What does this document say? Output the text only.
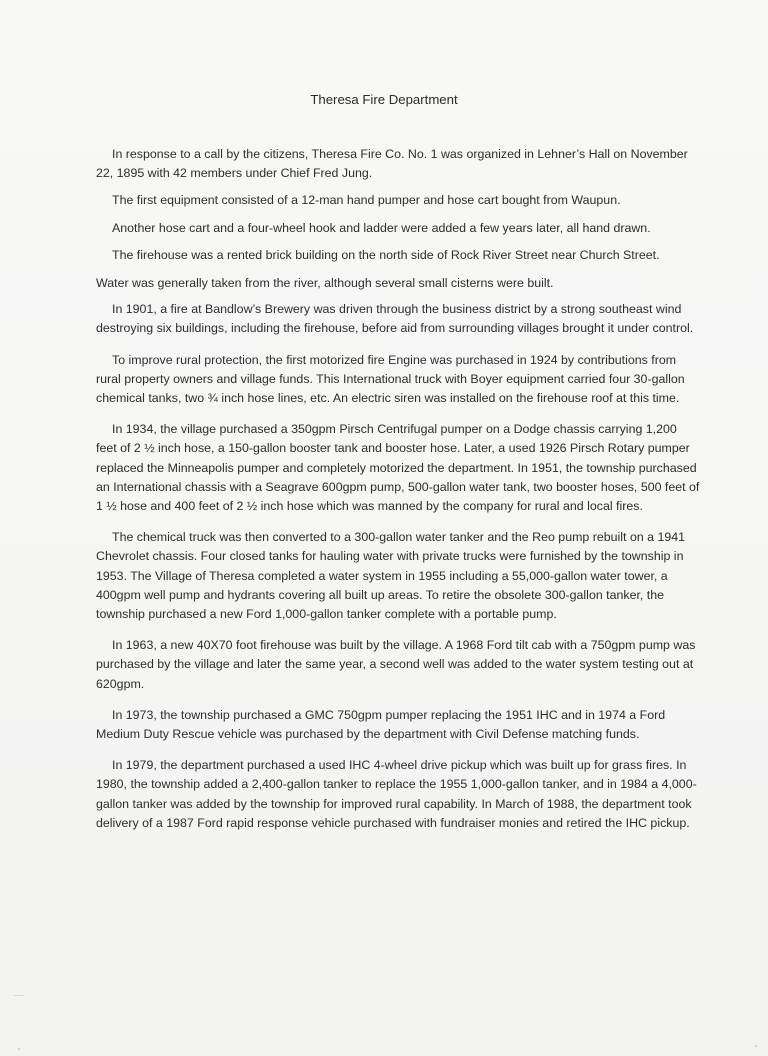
Theresa Fire Department

In response to a call by the citizens, Theresa Fire Co. No. 1 was organized in Lehner’s Hall on November 22, 1895 with 42 members under Chief Fred Jung.

The first equipment consisted of a 12-man hand pumper and hose cart bought from Waupun.

Another hose cart and a four-wheel hook and ladder were added a few years later, all hand drawn.

The firehouse was a rented brick building on the north side of Rock River Street near Church Street.

Water was generally taken from the river, although several small cisterns were built.

In 1901, a fire at Bandlow’s Brewery was driven through the business district by a strong southeast wind destroying six buildings, including the firehouse, before aid from surrounding villages brought it under control.

To improve rural protection, the first motorized fire Engine was purchased in 1924 by contributions from rural property owners and village funds. This International truck with Boyer equipment carried four 30-gallon chemical tanks, two ¾ inch hose lines, etc. An electric siren was installed on the firehouse roof at this time.

In 1934, the village purchased a 350gpm Pirsch Centrifugal pumper on a Dodge chassis carrying 1,200 feet of 2 ½ inch hose, a 150-gallon booster tank and booster hose. Later, a used 1926 Pirsch Rotary pumper replaced the Minneapolis pumper and completely motorized the department. In 1951, the township purchased an International chassis with a Seagrave 600gpm pump, 500-gallon water tank, two booster hoses, 500 feet of 1 ½ hose and 400 feet of 2 ½ inch hose which was manned by the company for rural and local fires.

The chemical truck was then converted to a 300-gallon water tanker and the Reo pump rebuilt on a 1941 Chevrolet chassis. Four closed tanks for hauling water with private trucks were furnished by the township in 1953. The Village of Theresa completed a water system in 1955 including a 55,000-gallon water tower, a 400gpm well pump and hydrants covering all built up areas. To retire the obsolete 300-gallon tanker, the township purchased a new Ford 1,000-gallon tanker complete with a portable pump.

In 1963, a new 40X70 foot firehouse was built by the village. A 1968 Ford tilt cab with a 750gpm pump was purchased by the village and later the same year, a second well was added to the water system testing out at 620gpm.

In 1973, the township purchased a GMC 750gpm pumper replacing the 1951 IHC and in 1974 a Ford Medium Duty Rescue vehicle was purchased by the department with Civil Defense matching funds.

In 1979, the department purchased a used IHC 4-wheel drive pickup which was built up for grass fires. In 1980, the township added a 2,400-gallon tanker to replace the 1955 1,000-gallon tanker, and in 1984 a 4,000-gallon tanker was added by the township for improved rural capability. In March of 1988, the department took delivery of a 1987 Ford rapid response vehicle purchased with fundraiser monies and retired the IHC pickup.
